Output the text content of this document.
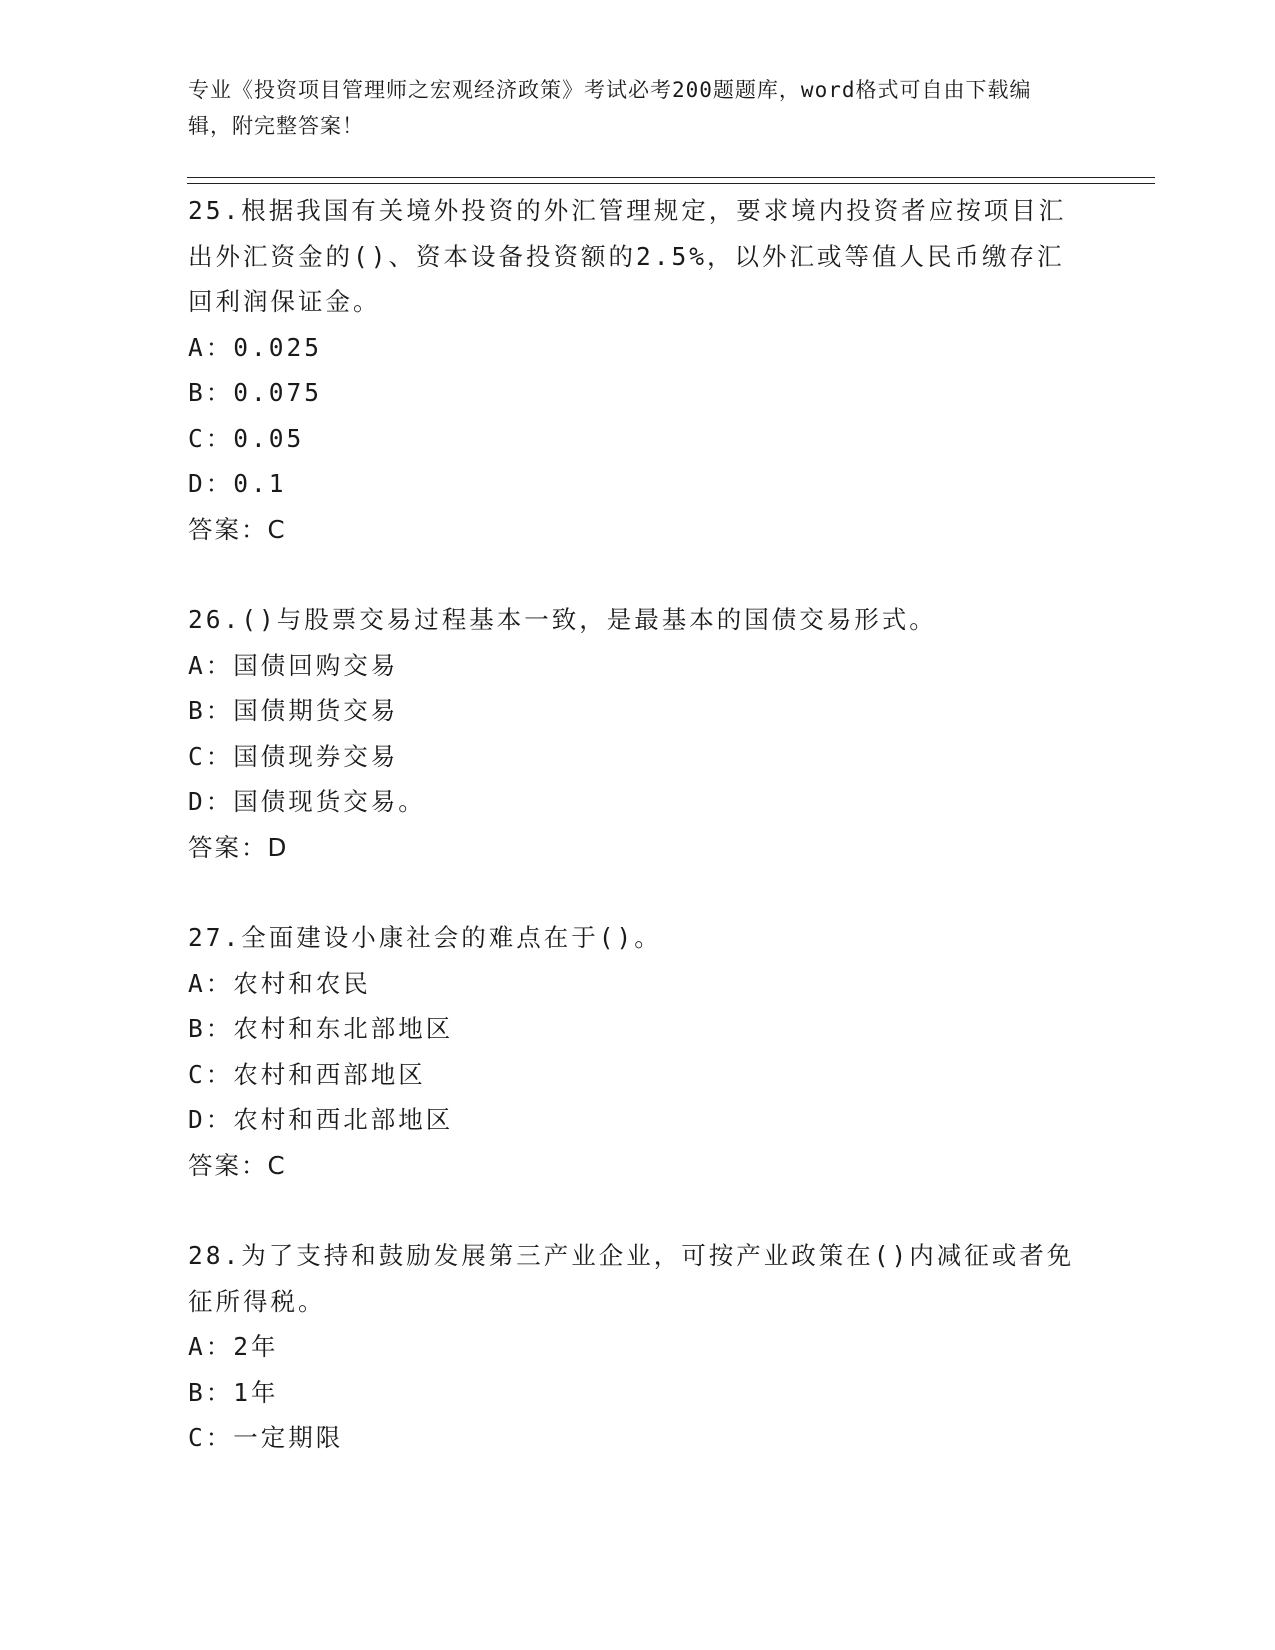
专业《投资项目管理师之宏观经济政策》考试必考200题题库，word格式可自由下载编辑，附完整答案！

25.根据我国有关境外投资的外汇管理规定，要求境内投资者应按项目汇出外汇资金的()、资本设备投资额的2.5%，以外汇或等值人民币缴存汇回利润保证金。

A：0.025

B：0.075

C：0.05

D：0.1

答案：C

26.()与股票交易过程基本一致，是最基本的国债交易形式。

A：国债回购交易

B：国债期货交易

C：国债现券交易

D：国债现货交易。

答案：D

27.全面建设小康社会的难点在于()。

A：农村和农民

B：农村和东北部地区

C：农村和西部地区

D：农村和西北部地区

答案：C

28.为了支持和鼓励发展第三产业企业，可按产业政策在()内减征或者免征所得税。

A：2年

B：1年

C：一定期限
